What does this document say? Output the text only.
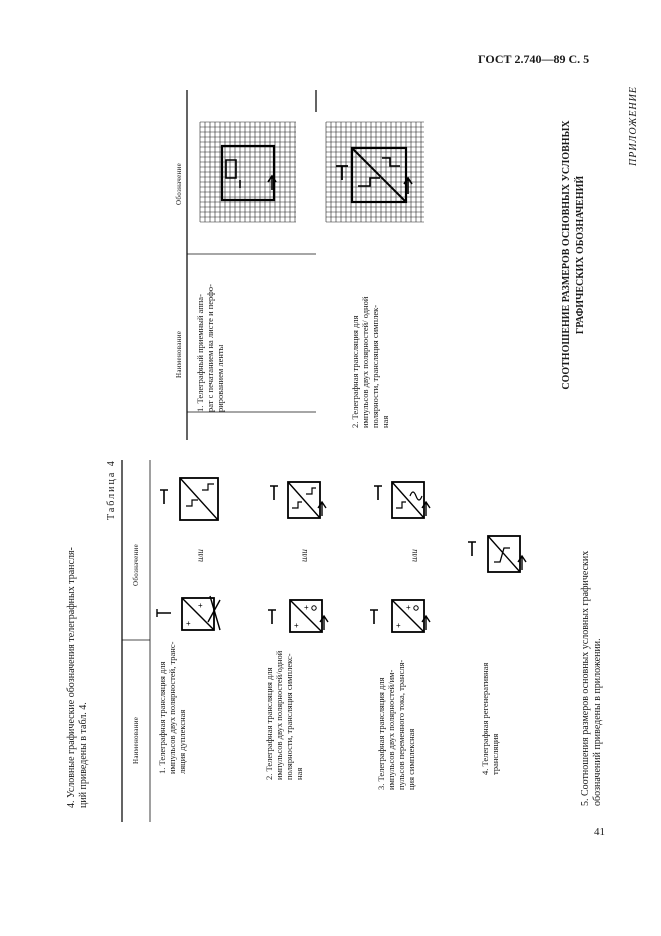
ГОСТ 2.740—89 С. 5
41
ПРИЛОЖЕНИЕ
СООТНОШЕНИЕ РАЗМЕРОВ ОСНОВНЫХ УСЛОВНЫХ ГРАФИЧЕСКИХ ОБОЗНАЧЕНИЙ
Наименование
Обозначение
1. Телеграфный приемный аппа- рат с печатанием на листе и перфо- рированием ленты	2. Телеграфная трансляция для импульсов двух полярностей/ одной полярности, трансляция симплек- ная
4. Условные графические обозначения телеграфных трансля- ций приведены в табл. 4.
Таблица 4
Наименование
Обозначение
1. Телеграфная трансляция для импульсов двух полярностей, транс- ляция дуплексная	2. Телеграфная трансляция для импульсов двух полярностей/одной полярности, трансляция симплекс- ная	3. Телеграфная трансляция для импульсов двух полярностей/им- пульсов переменного тока, трансля- ция симплексная	4. Телеграфная регенеративная трансляция
или	или	или
+
+
+
+
+
+	5. Соотношения размеров основных условных графических обозначений приведены в приложении.
